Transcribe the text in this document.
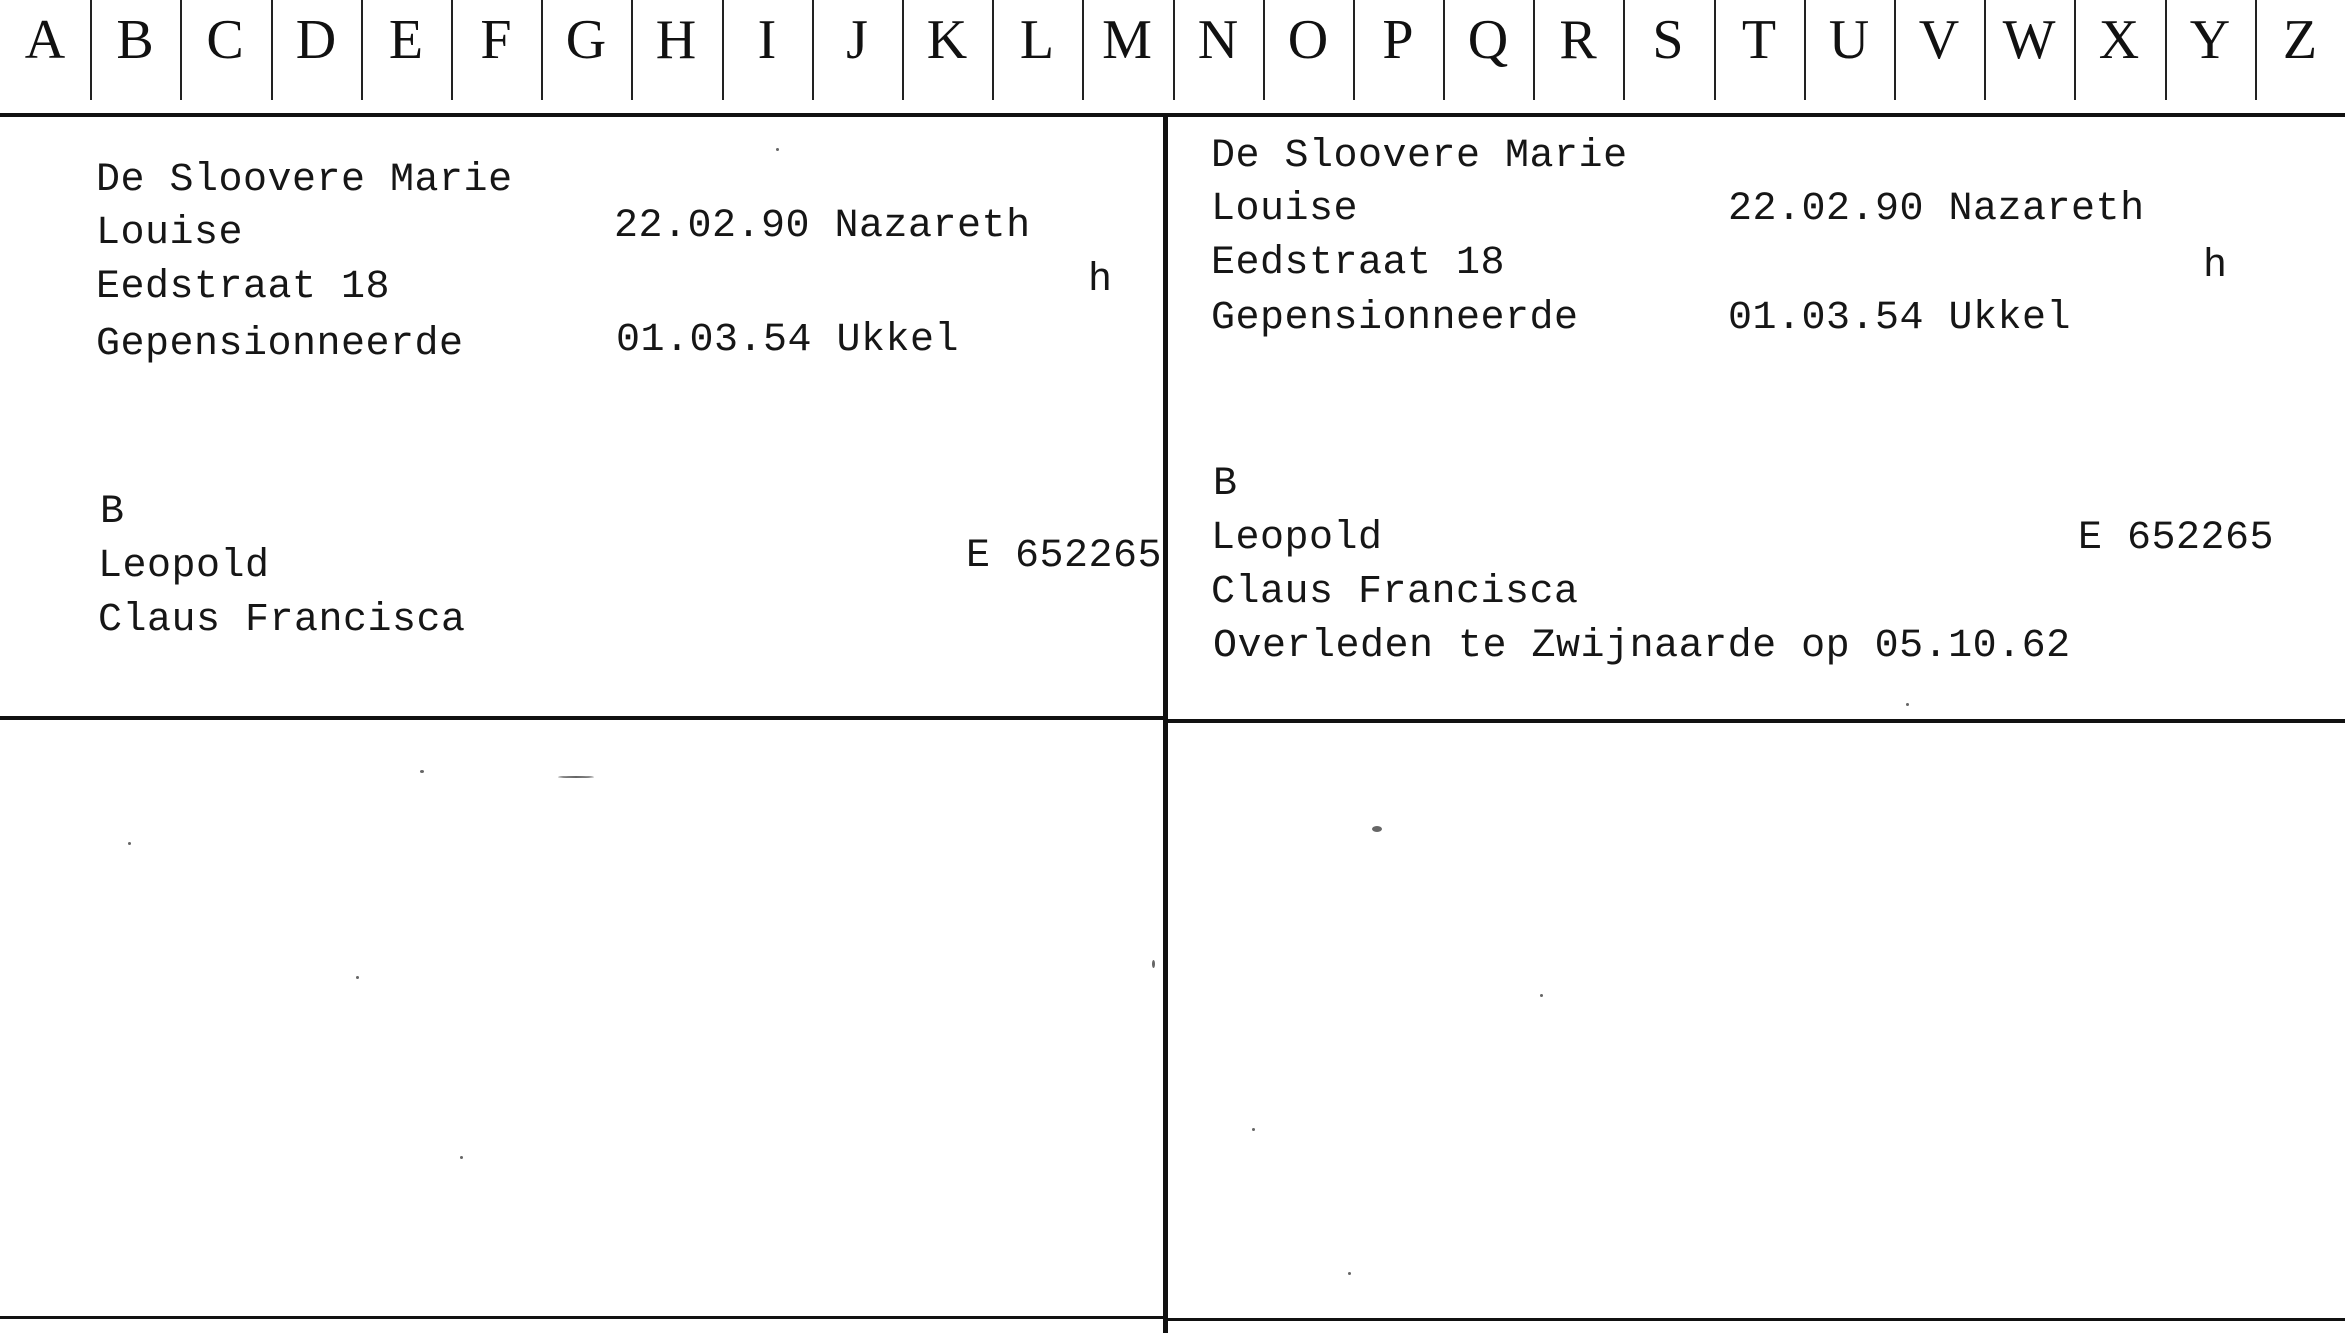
A B C D E	F G H	I	J	K L M N O P Q R S	T U V W X Y Z
De Sloovere Marie
Louise	22.02.90 Nazareth
Eedstraat 18	h
Gepensionneerde	01.03.54 Ukkel
B
Leopold	E 652265
Claus Francisca
De Sloovere Marie
Louise	22.02.90 Nazareth
Eedstraat 18	h
Gepensionneerde	01.03.54 Ukkel
B
Leopold	E 652265
Claus Francisca
Overleden te Zwijnaarde op 05.10.62
